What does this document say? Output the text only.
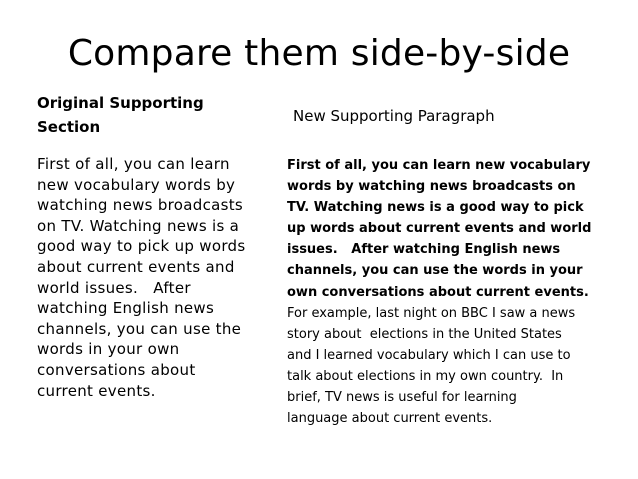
Compare them side-by-side
Original Supporting
Section
New Supporting Paragraph
First of all, you can learn
new vocabulary words by
watching news broadcasts
on TV. Watching news is a
good way to pick up words
about current events and
world issues.   After
watching English news
channels, you can use the
words in your own
conversations about
current events.
First of all, you can learn new vocabulary
words by watching news broadcasts on
TV. Watching news is a good way to pick
up words about current events and world
issues.   After watching English news
channels, you can use the words in your
own conversations about current events.
For example, last night on BBC I saw a news
story about  elections in the United States
and I learned vocabulary which I can use to
talk about elections in my own country.  In
brief, TV news is useful for learning
language about current events.
